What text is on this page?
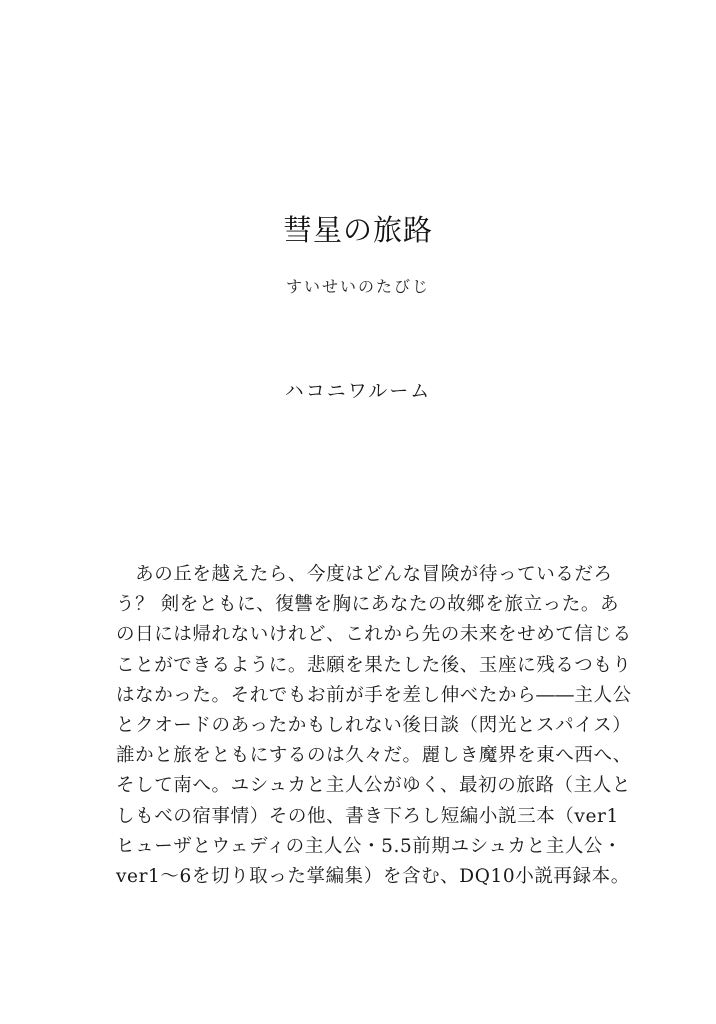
彗星の旅路
すいせいのたびじ
ハコニワルーム
　あの丘を越えたら、今度はどんな冒険が待っているだろ
う？ 剣をともに、復讐を胸にあなたの故郷を旅立った。あ
の日には帰れないけれど、これから先の未来をせめて信じる
ことができるように。悲願を果たした後、玉座に残るつもり
はなかった。それでもお前が手を差し伸べたから――主人公
とクオードのあったかもしれない後日談（閃光とスパイス）
誰かと旅をともにするのは久々だ。麗しき魔界を東へ西へ、
そして南へ。ユシュカと主人公がゆく、最初の旅路（主人と
しもべの宿事情）その他、書き下ろし短編小説三本（ver1
ヒューザとウェディの主人公・5.5前期ユシュカと主人公・
ver1～6を切り取った掌編集）を含む、DQ10小説再録本。
